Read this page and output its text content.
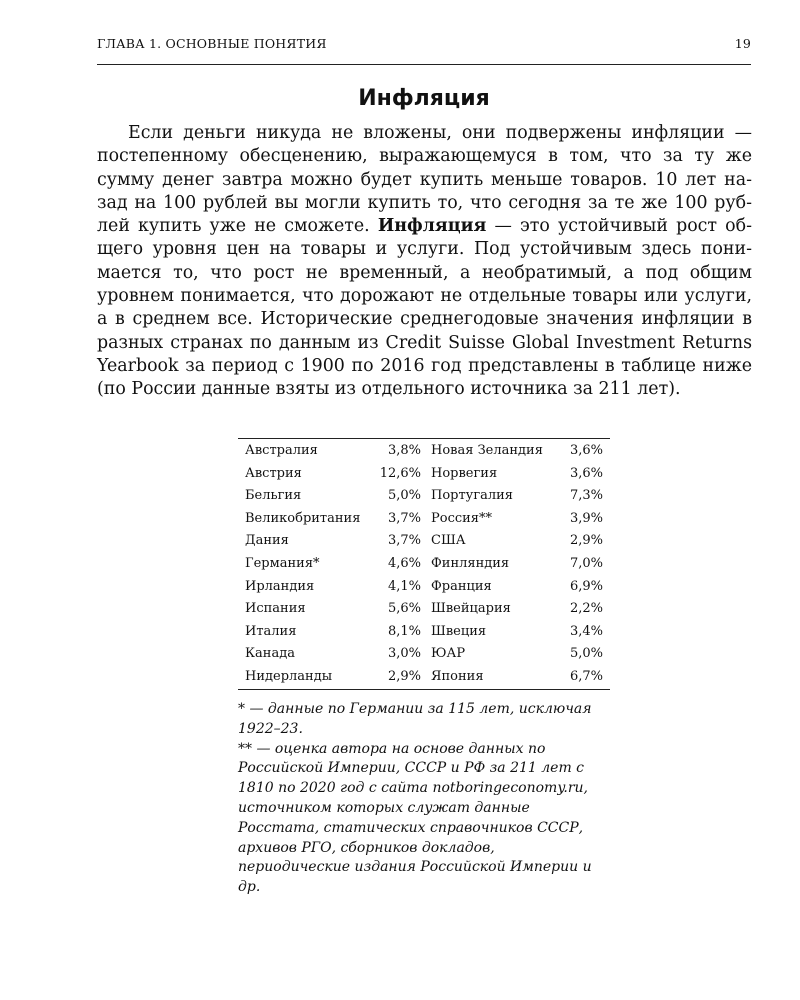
ГЛАВА 1. ОСНОВНЫЕ ПОНЯТИЯ	19
Инфляция

Если деньги никуда не вложены, они подвержены инфляции — постепенному обесценению, выражающемуся в том, что за ту же сумму денег завтра можно будет купить меньше товаров. 10 лет назад на 100 рублей вы могли купить то, что сегодня за те же 100 рублей купить уже не сможете. Инфляция — это устойчивый рост общего уровня цен на товары и услуги. Под устойчивым здесь понимается то, что рост не временный, а необратимый, а под общим уровнем понимается, что дорожают не отдельные товары или услуги, а в среднем все. Исторические среднегодовые значения инфляции в разных странах по данным из Credit Suisse Global Investment Returns Yearbook за период с 1900 по 2016 год представлены в таблице ниже (по России данные взяты из отдельного источника за 211 лет).

Австралия	3,8%	Новая Зеландия	3,6%
Австрия	12,6%	Норвегия	3,6%
Бельгия	5,0%	Португалия	7,3%
Великобритания	3,7%	Россия**	3,9%
Дания	3,7%	США	2,9%
Германия*	4,6%	Финляндия	7,0%
Ирландия	4,1%	Франция	6,9%
Испания	5,6%	Швейцария	2,2%
Италия	8,1%	Швеция	3,4%
Канада	3,0%	ЮАР	5,0%
Нидерланды	2,9%	Япония	6,7%

* — данные по Германии за 115 лет, исключая 1922–23.

** — оценка автора на основе данных по Российской Империи, СССР и РФ за 211 лет с 1810 по 2020 год с сайта notboringeconomy.ru, источником которых служат данные Росстата, статических справочников СССР, архивов РГО, сборников докладов, периодические издания Российской Империи и др.
